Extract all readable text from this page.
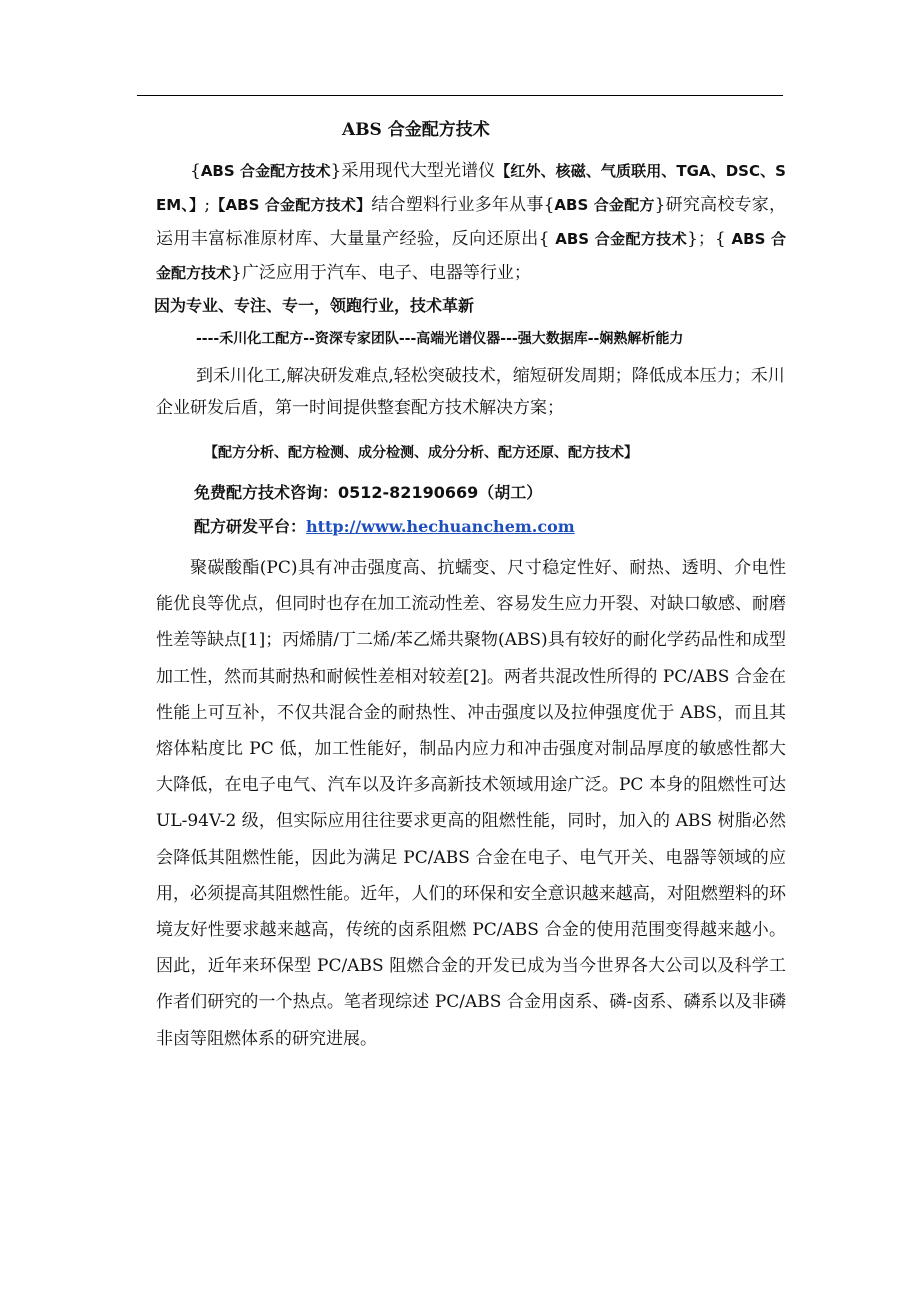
ABS 合金配方技术

{ABS 合金配方技术}采用现代大型光谱仪【红外、核磁、气质联用、TGA、DSC、SEM、】;【ABS 合金配方技术】结合塑料行业多年从事{ABS 合金配方}研究高校专家，运用丰富标准原材库、大量量产经验，反向还原出{ ABS 合金配方技术}；{ ABS 合金配方技术}广泛应用于汽车、电子、电器等行业；

因为专业、专注、专一，领跑行业，技术革新
----禾川化工配方--资深专家团队---高端光谱仪器---强大数据库--娴熟解析能力

到禾川化工,解决研发难点,轻松突破技术，缩短研发周期；降低成本压力；禾川企业研发后盾，第一时间提供整套配方技术解决方案；

【配方分析、配方检测、成分检测、成分分析、配方还原、配方技术】
免费配方技术咨询：0512-82190669（胡工）
配方研发平台：http://www.hechuanchem.com

聚碳酸酯(PC)具有冲击强度高、抗蠕变、尺寸稳定性好、耐热、透明、介电性能优良等优点，但同时也存在加工流动性差、容易发生应力开裂、对缺口敏感、耐磨性差等缺点[1]；丙烯腈/丁二烯/苯乙烯共聚物(ABS)具有较好的耐化学药品性和成型加工性，然而其耐热和耐候性差相对较差[2]。两者共混改性所得的 PC/ABS 合金在性能上可互补，不仅共混合金的耐热性、冲击强度以及拉伸强度优于 ABS，而且其熔体粘度比 PC 低，加工性能好，制品内应力和冲击强度对制品厚度的敏感性都大大降低，在电子电气、汽车以及许多高新技术领域用途广泛。PC 本身的阻燃性可达 UL-94V-2 级，但实际应用往往要求更高的阻燃性能，同时，加入的 ABS 树脂必然会降低其阻燃性能，因此为满足 PC/ABS 合金在电子、电气开关、电器等领域的应用，必须提高其阻燃性能。近年，人们的环保和安全意识越来越高，对阻燃塑料的环境友好性要求越来越高，传统的卤系阻燃 PC/ABS 合金的使用范围变得越来越小。因此，近年来环保型 PC/ABS 阻燃合金的开发已成为当今世界各大公司以及科学工作者们研究的一个热点。笔者现综述 PC/ABS 合金用卤系、磷-卤系、磷系以及非磷非卤等阻燃体系的研究进展。
